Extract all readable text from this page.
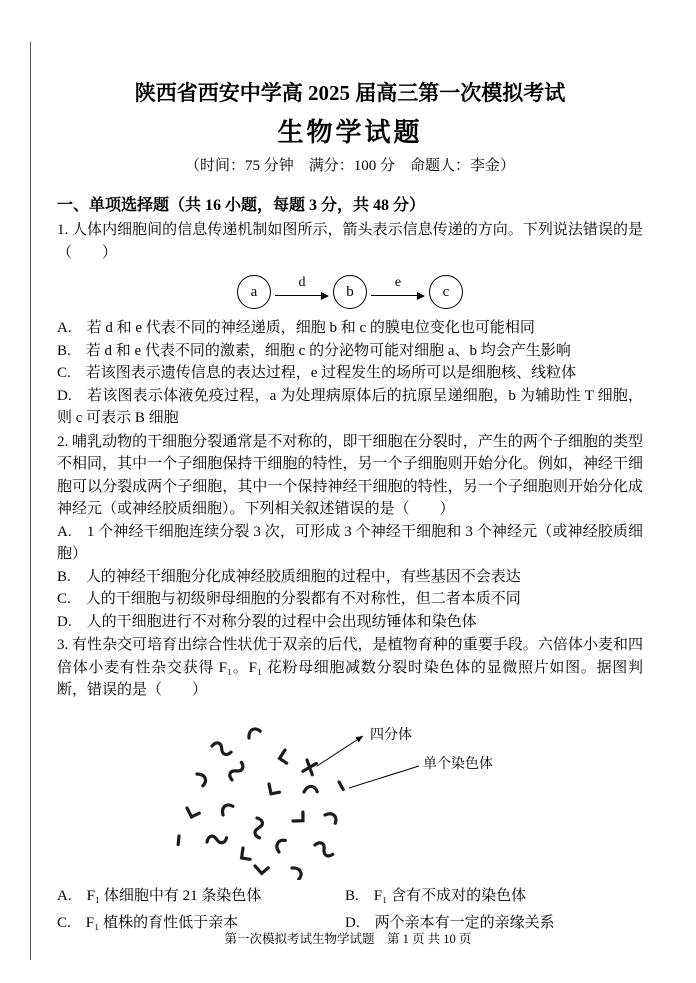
陕西省西安中学高 2025 届高三第一次模拟考试
生物学试题
（时间：75 分钟　满分：100 分　命题人：李金）
一、单项选择题（共 16 小题，每题 3 分，共 48 分）

1. 人体内细胞间的信息传递机制如图所示，箭头表示信息传递的方向。下列说法错误的是（　　）

a
d
b
e
c

A.　若 d 和 e 代表不同的神经递质，细胞 b 和 c 的膜电位变化也可能相同

B.　若 d 和 e 代表不同的激素，细胞 c 的分泌物可能对细胞 a、b 均会产生影响

C.　若该图表示遗传信息的表达过程，e 过程发生的场所可以是细胞核、线粒体

D.　若该图表示体液免疫过程，a 为处理病原体后的抗原呈递细胞，b 为辅助性 T 细胞，则 c 可表示 B 细胞

2. 哺乳动物的干细胞分裂通常是不对称的，即干细胞在分裂时，产生的两个子细胞的类型不相同，其中一个子细胞保持干细胞的特性，另一个子细胞则开始分化。例如，神经干细胞可以分裂成两个子细胞，其中一个保持神经干细胞的特性，另一个子细胞则开始分化成神经元（或神经胶质细胞）。下列相关叙述错误的是（　　）

A.　1 个神经干细胞连续分裂 3 次，可形成 3 个神经干细胞和 3 个神经元（或神经胶质细胞）

B.　人的神经干细胞分化成神经胶质细胞的过程中，有些基因不会表达

C.　人的干细胞与初级卵母细胞的分裂都有不对称性，但二者本质不同

D.　人的干细胞进行不对称分裂的过程中会出现纺锤体和染色体

3. 有性杂交可培育出综合性状优于双亲的后代，是植物育种的重要手段。六倍体小麦和四倍体小麦有性杂交获得 F₁。F₁ 花粉母细胞减数分裂时染色体的显微照片如图。据图判断，错误的是（　　）

四分体
单个染色体
A.　F₁ 体细胞中有 21 条染色体	B.　F₁ 含有不成对的染色体
C.　F₁ 植株的育性低于亲本	D.　两个亲本有一定的亲缘关系
第一次模拟考试生物学试题　第 1 页 共 10 页
